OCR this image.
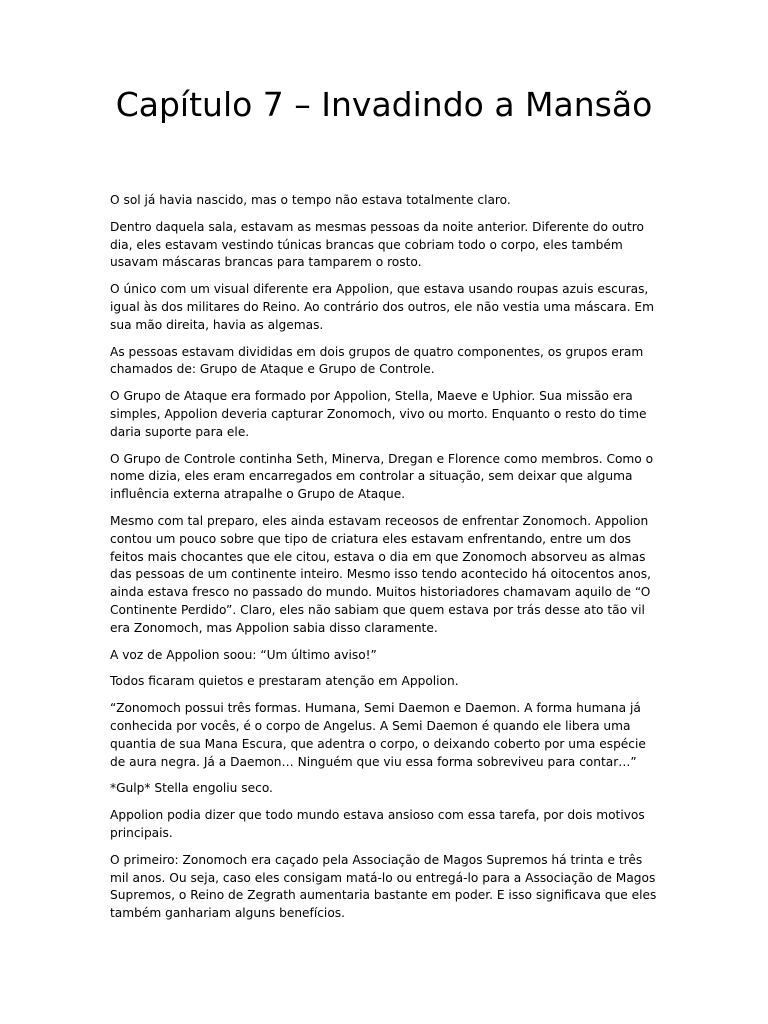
Capítulo 7 – Invadindo a Mansão

O sol já havia nascido, mas o tempo não estava totalmente claro.

Dentro daquela sala, estavam as mesmas pessoas da noite anterior. Diferente do outro dia, eles estavam vestindo túnicas brancas que cobriam todo o corpo, eles também usavam máscaras brancas para tamparem o rosto.

O único com um visual diferente era Appolion, que estava usando roupas azuis escuras, igual às dos militares do Reino. Ao contrário dos outros, ele não vestia uma máscara. Em sua mão direita, havia as algemas.

As pessoas estavam divididas em dois grupos de quatro componentes, os grupos eram chamados de: Grupo de Ataque e Grupo de Controle.

O Grupo de Ataque era formado por Appolion, Stella, Maeve e Uphior. Sua missão era simples, Appolion deveria capturar Zonomoch, vivo ou morto. Enquanto o resto do time daria suporte para ele.

O Grupo de Controle continha Seth, Minerva, Dregan e Florence como membros. Como o nome dizia, eles eram encarregados em controlar a situação, sem deixar que alguma influência externa atrapalhe o Grupo de Ataque.

Mesmo com tal preparo, eles ainda estavam receosos de enfrentar Zonomoch. Appolion contou um pouco sobre que tipo de criatura eles estavam enfrentando, entre um dos feitos mais chocantes que ele citou, estava o dia em que Zonomoch absorveu as almas das pessoas de um continente inteiro. Mesmo isso tendo acontecido há oitocentos anos, ainda estava fresco no passado do mundo. Muitos historiadores chamavam aquilo de “O Continente Perdido”. Claro, eles não sabiam que quem estava por trás desse ato tão vil era Zonomoch, mas Appolion sabia disso claramente.

A voz de Appolion soou: “Um último aviso!”

Todos ficaram quietos e prestaram atenção em Appolion.

“Zonomoch possui três formas. Humana, Semi Daemon e Daemon. A forma humana já conhecida por vocês, é o corpo de Angelus. A Semi Daemon é quando ele libera uma quantia de sua Mana Escura, que adentra o corpo, o deixando coberto por uma espécie de aura negra. Já a Daemon… Ninguém que viu essa forma sobreviveu para contar…”

*Gulp* Stella engoliu seco.

Appolion podia dizer que todo mundo estava ansioso com essa tarefa, por dois motivos principais.

O primeiro: Zonomoch era caçado pela Associação de Magos Supremos há trinta e três mil anos. Ou seja, caso eles consigam matá-lo ou entregá-lo para a Associação de Magos Supremos, o Reino de Zegrath aumentaria bastante em poder. E isso significava que eles também ganhariam alguns benefícios.
